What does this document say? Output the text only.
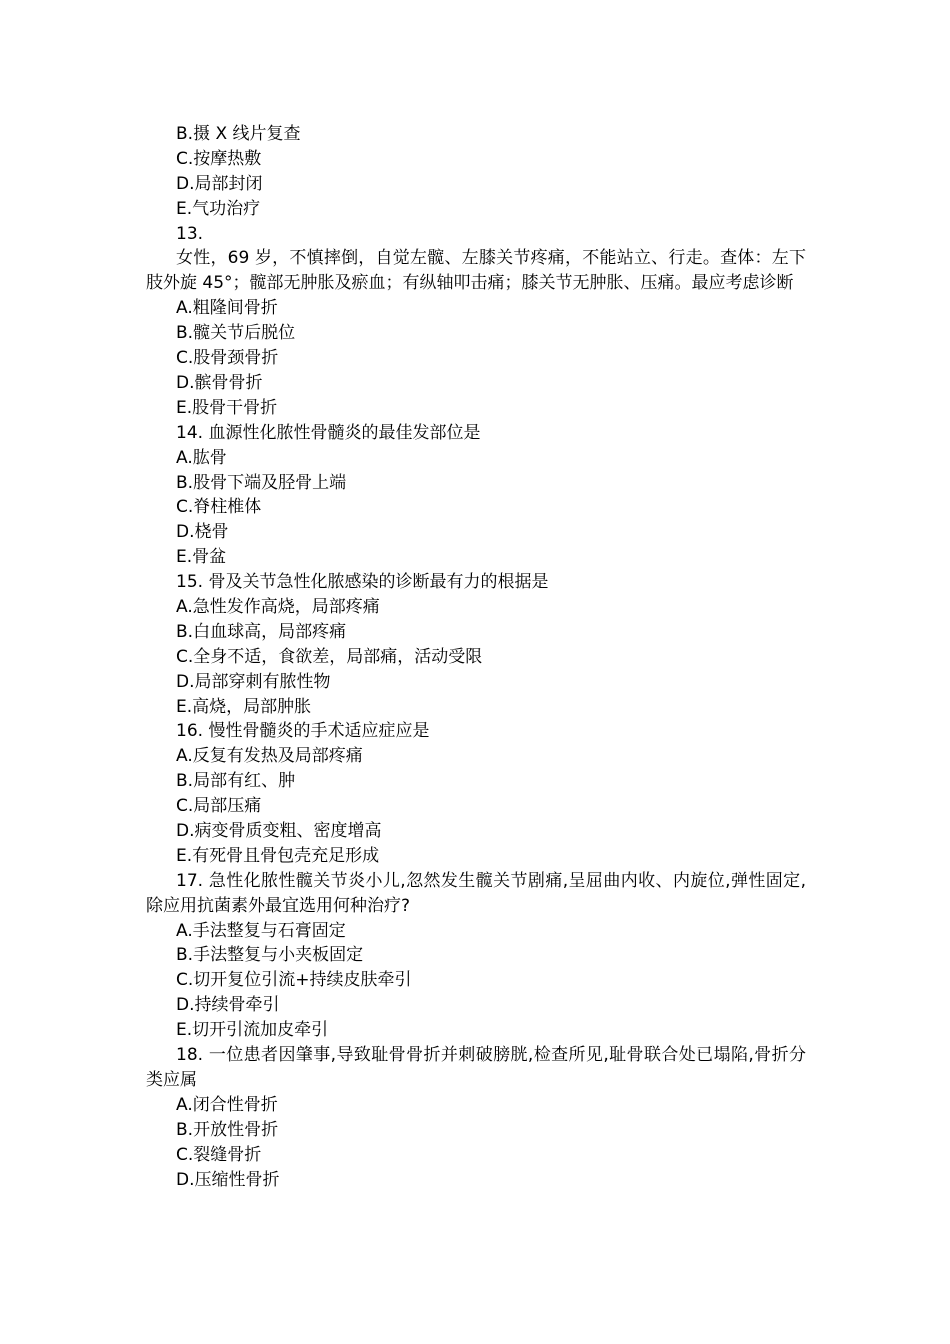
B.摄 X 线片复查
C.按摩热敷
D.局部封闭
E.气功治疗
13.
女性，69 岁，不慎摔倒，自觉左髋、左膝关节疼痛，不能站立、行走。查体：左下肢外旋 45°；髋部无肿胀及瘀血；有纵轴叩击痛；膝关节无肿胀、压痛。最应考虑诊断
A.粗隆间骨折
B.髋关节后脱位
C.股骨颈骨折
D.髌骨骨折
E.股骨干骨折
14. 血源性化脓性骨髓炎的最佳发部位是
A.肱骨
B.股骨下端及胫骨上端
C.脊柱椎体
D.桡骨
E.骨盆
15. 骨及关节急性化脓感染的诊断最有力的根据是
A.急性发作高烧，局部疼痛
B.白血球高，局部疼痛
C.全身不适，食欲差，局部痛，活动受限
D.局部穿刺有脓性物
E.高烧，局部肿胀
16. 慢性骨髓炎的手术适应症应是
A.反复有发热及局部疼痛
B.局部有红、肿
C.局部压痛
D.病变骨质变粗、密度增高
E.有死骨且骨包壳充足形成
17. 急性化脓性髋关节炎小儿,忽然发生髋关节剧痛,呈屈曲内收、内旋位,弹性固定,除应用抗菌素外最宜选用何种治疗?
A.手法整复与石膏固定
B.手法整复与小夹板固定
C.切开复位引流+持续皮肤牵引
D.持续骨牵引
E.切开引流加皮牵引
18. 一位患者因肇事,导致耻骨骨折并刺破膀胱,检查所见,耻骨联合处已塌陷,骨折分类应属
A.闭合性骨折
B.开放性骨折
C.裂缝骨折
D.压缩性骨折
